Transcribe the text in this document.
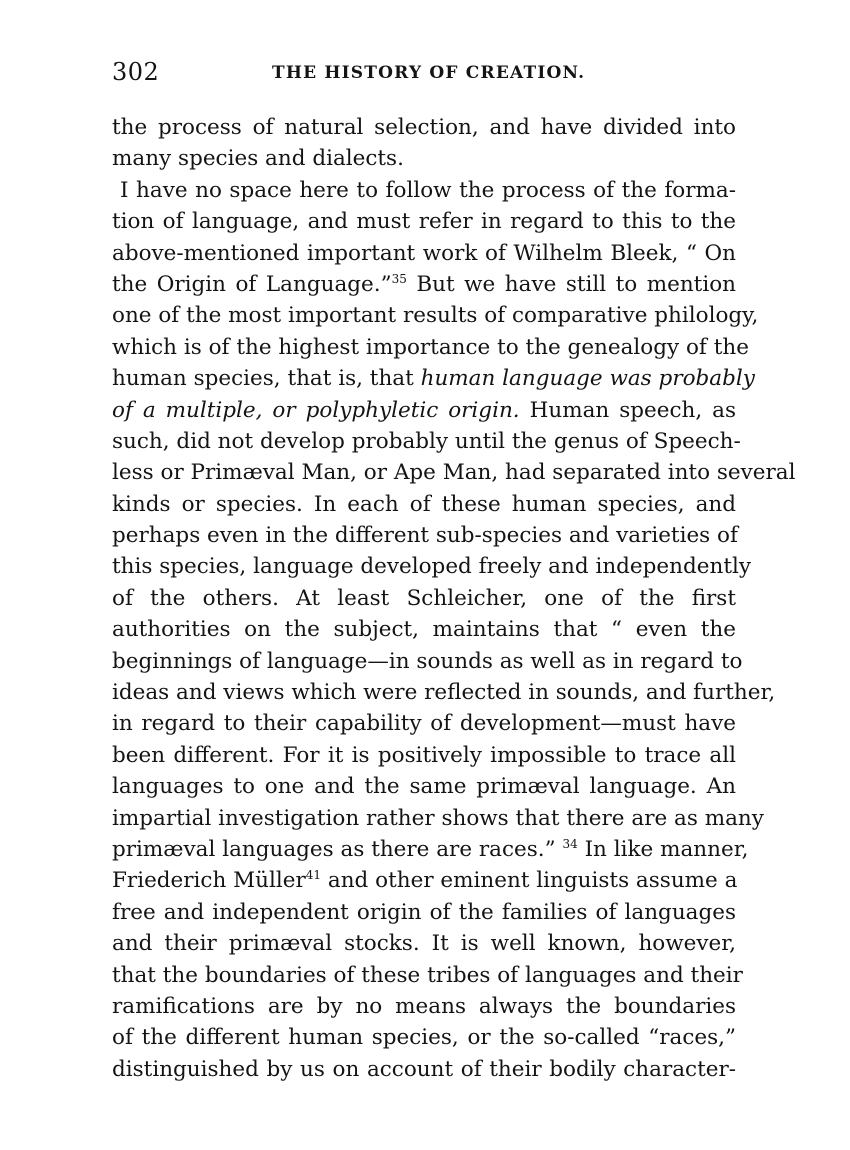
302	THE HISTORY OF CREATION.
the process of natural selection, and have divided into
many species and dialects.
I have no space here to follow the process of the forma-
tion of language, and must refer in regard to this to the
above-mentioned important work of Wilhelm Bleek, “ On
the Origin of Language.”$^{35}$ But we have still to mention
one of the most important results of comparative philology,
which is of the highest importance to the genealogy of the
human species, that is, that human language was probably
of a multiple, or polyphyletic origin. Human speech, as
such, did not develop probably until the genus of Speech-
less or Primæval Man, or Ape Man, had separated into several
kinds or species. In each of these human species, and
perhaps even in the different sub-species and varieties of
this species, language developed freely and independently
of the others. At least Schleicher, one of the first
authorities on the subject, maintains that “ even the
beginnings of language—in sounds as well as in regard to
ideas and views which were reflected in sounds, and further,
in regard to their capability of development—must have
been different. For it is positively impossible to trace all
languages to one and the same primæval language. An
impartial investigation rather shows that there are as many
primæval languages as there are races.” $^{34}$ In like manner,
Friederich Müller$^{41}$ and other eminent linguists assume a
free and independent origin of the families of languages
and their primæval stocks. It is well known, however,
that the boundaries of these tribes of languages and their
ramifications are by no means always the boundaries
of the different human species, or the so-called “races,”
distinguished by us on account of their bodily character-
